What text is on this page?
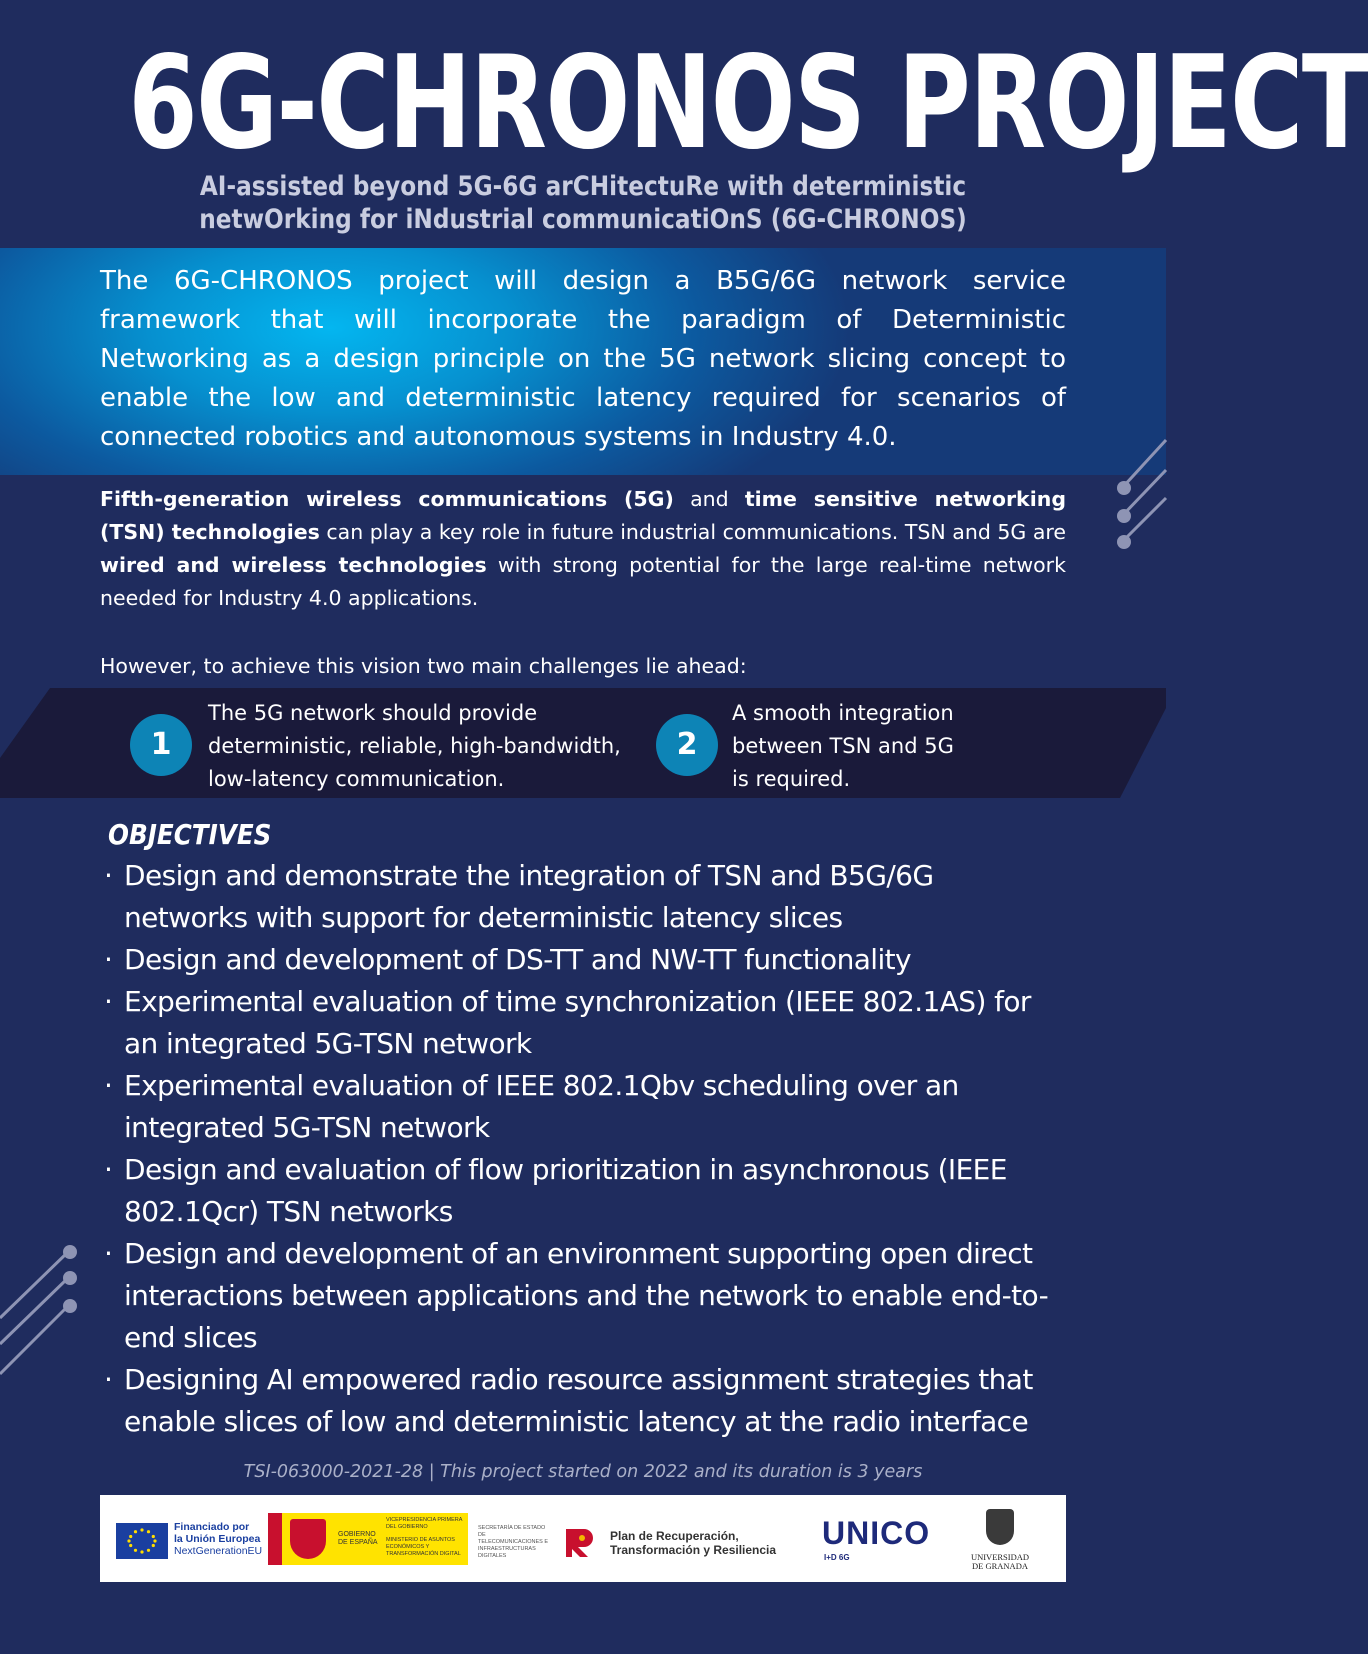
6G-CHRONOS PROJECT
AI-assisted beyond 5G-6G arCHitectuRe with deterministic
netwOrking for iNdustrial communicatiOnS (6G-CHRONOS)
The 6G-CHRONOS project will design a B5G/6G network service framework that will incorporate the paradigm of Deterministic Networking as a design principle on the 5G network slicing concept to enable the low and deterministic latency required for scenarios of connected robotics and autonomous systems in Industry 4.0.
Fifth-generation wireless communications (5G) and time sensitive networking (TSN) technologies can play a key role in future industrial communications. TSN and 5G are wired and wireless technologies with strong potential for the large real-time network needed for Industry 4.0 applications.
However, to achieve this vision two main challenges lie ahead:
1
The 5G network should provide
deterministic, reliable, high-bandwidth,
low-latency communication.
2
A smooth integration
between TSN and 5G
is required.
OBJECTIVES
· Design and demonstrate the integration of TSN and B5G/6G networks with support for deterministic latency slices
· Design and development of DS-TT and NW-TT functionality
· Experimental evaluation of time synchronization (IEEE 802.1AS) for an integrated 5G-TSN network
· Experimental evaluation of IEEE 802.1Qbv scheduling over an integrated 5G-TSN network
· Design and evaluation of flow prioritization in asynchronous (IEEE 802.1Qcr) TSN networks
· Design and development of an environment supporting open direct interactions between applications and the network to enable end-to-end slices
· Designing AI empowered radio resource assignment strategies that enable slices of low and deterministic latency at the radio interface
TSI-063000-2021-28 | This project started on 2022 and its duration is 3 years
Financiado por
la Unión Europea
NextGenerationEU
GOBIERNO DE ESPAÑA
VICEPRESIDENCIA PRIMERA DEL GOBIERNO
MINISTERIO DE ASUNTOS ECONÓMICOS Y TRANSFORMACIÓN DIGITAL
SECRETARÍA DE ESTADO DE TELECOMUNICACIONES E INFRAESTRUCTURAS DIGITALES
Plan de Recuperación,
Transformación y Resiliencia UNICO
I+D 6G	UNIVERSIDAD
DE GRANADA
